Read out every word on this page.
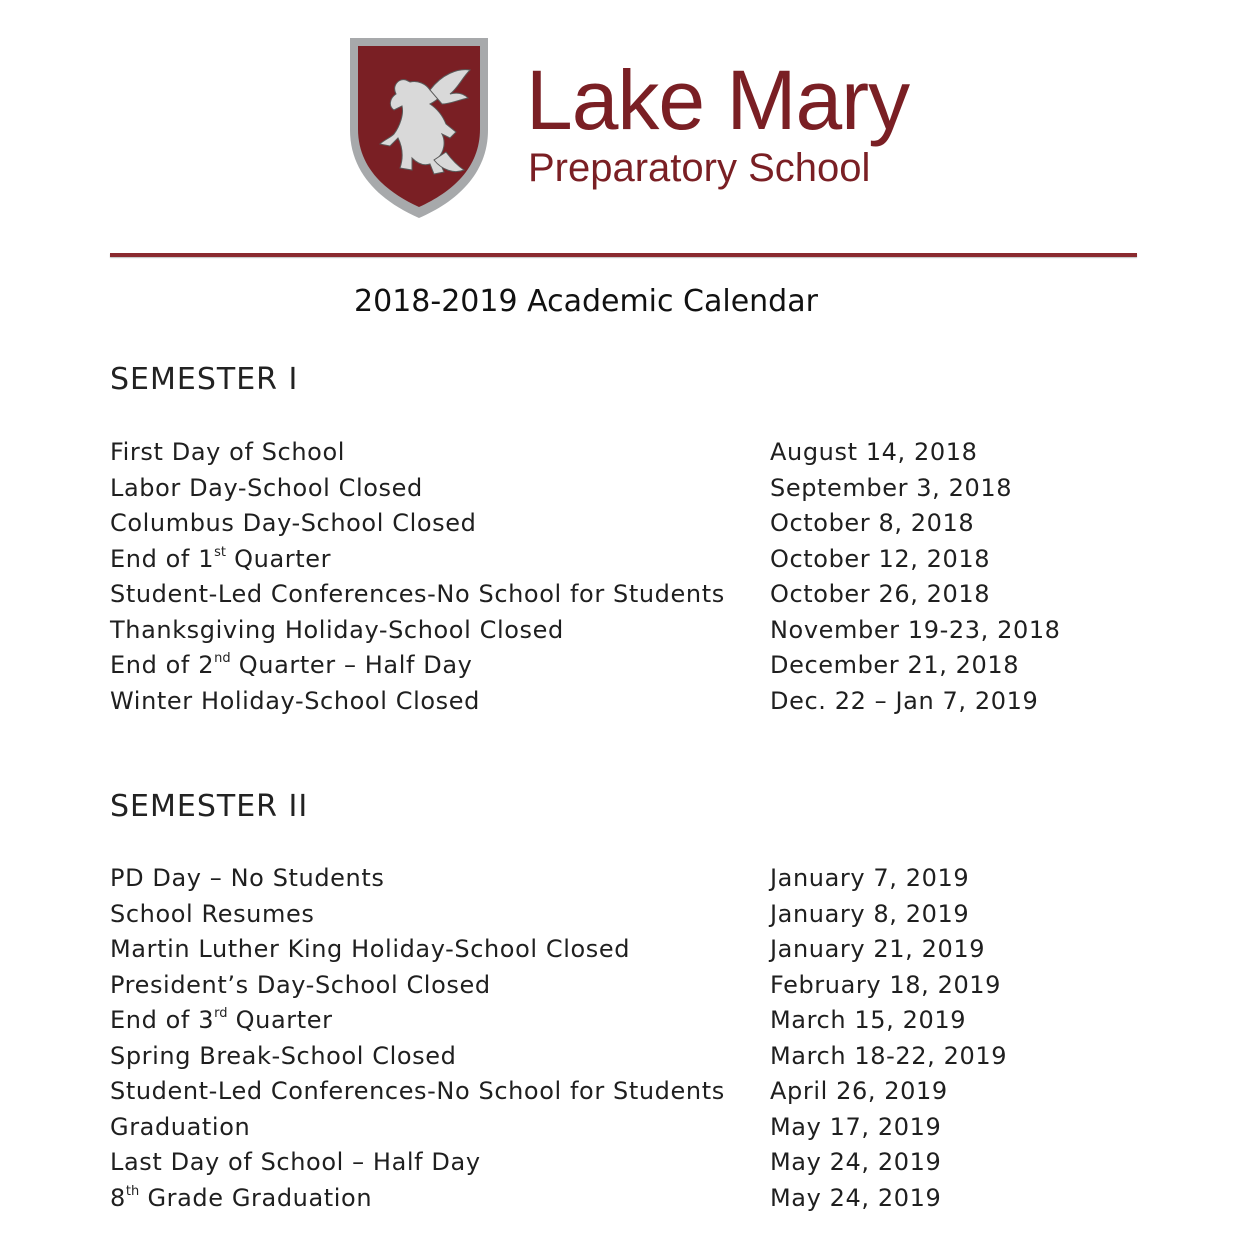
Lake Mary
Preparatory School
2018-2019 Academic Calendar
SEMESTER I
First Day of School	August 14, 2018
Labor Day-School Closed	September 3, 2018
Columbus Day-School Closed	October 8, 2018
End of 1st Quarter	October 12, 2018
Student-Led Conferences-No School for Students October 26, 2018
Thanksgiving Holiday-School Closed	November 19-23, 2018
End of 2nd Quarter – Half Day	December 21, 2018
Winter Holiday-School Closed	Dec. 22 – Jan 7, 2019
SEMESTER II
PD Day – No Students	January 7, 2019
School Resumes	January 8, 2019
Martin Luther King Holiday-School Closed	January 21, 2019
President’s Day-School Closed	February 18, 2019
End of 3rd Quarter	March 15, 2019
Spring Break-School Closed	March 18-22, 2019
Student-Led Conferences-No School for Students April 26, 2019
Graduation	May 17, 2019
Last Day of School – Half Day	May 24, 2019
8th Grade Graduation	May 24, 2019
